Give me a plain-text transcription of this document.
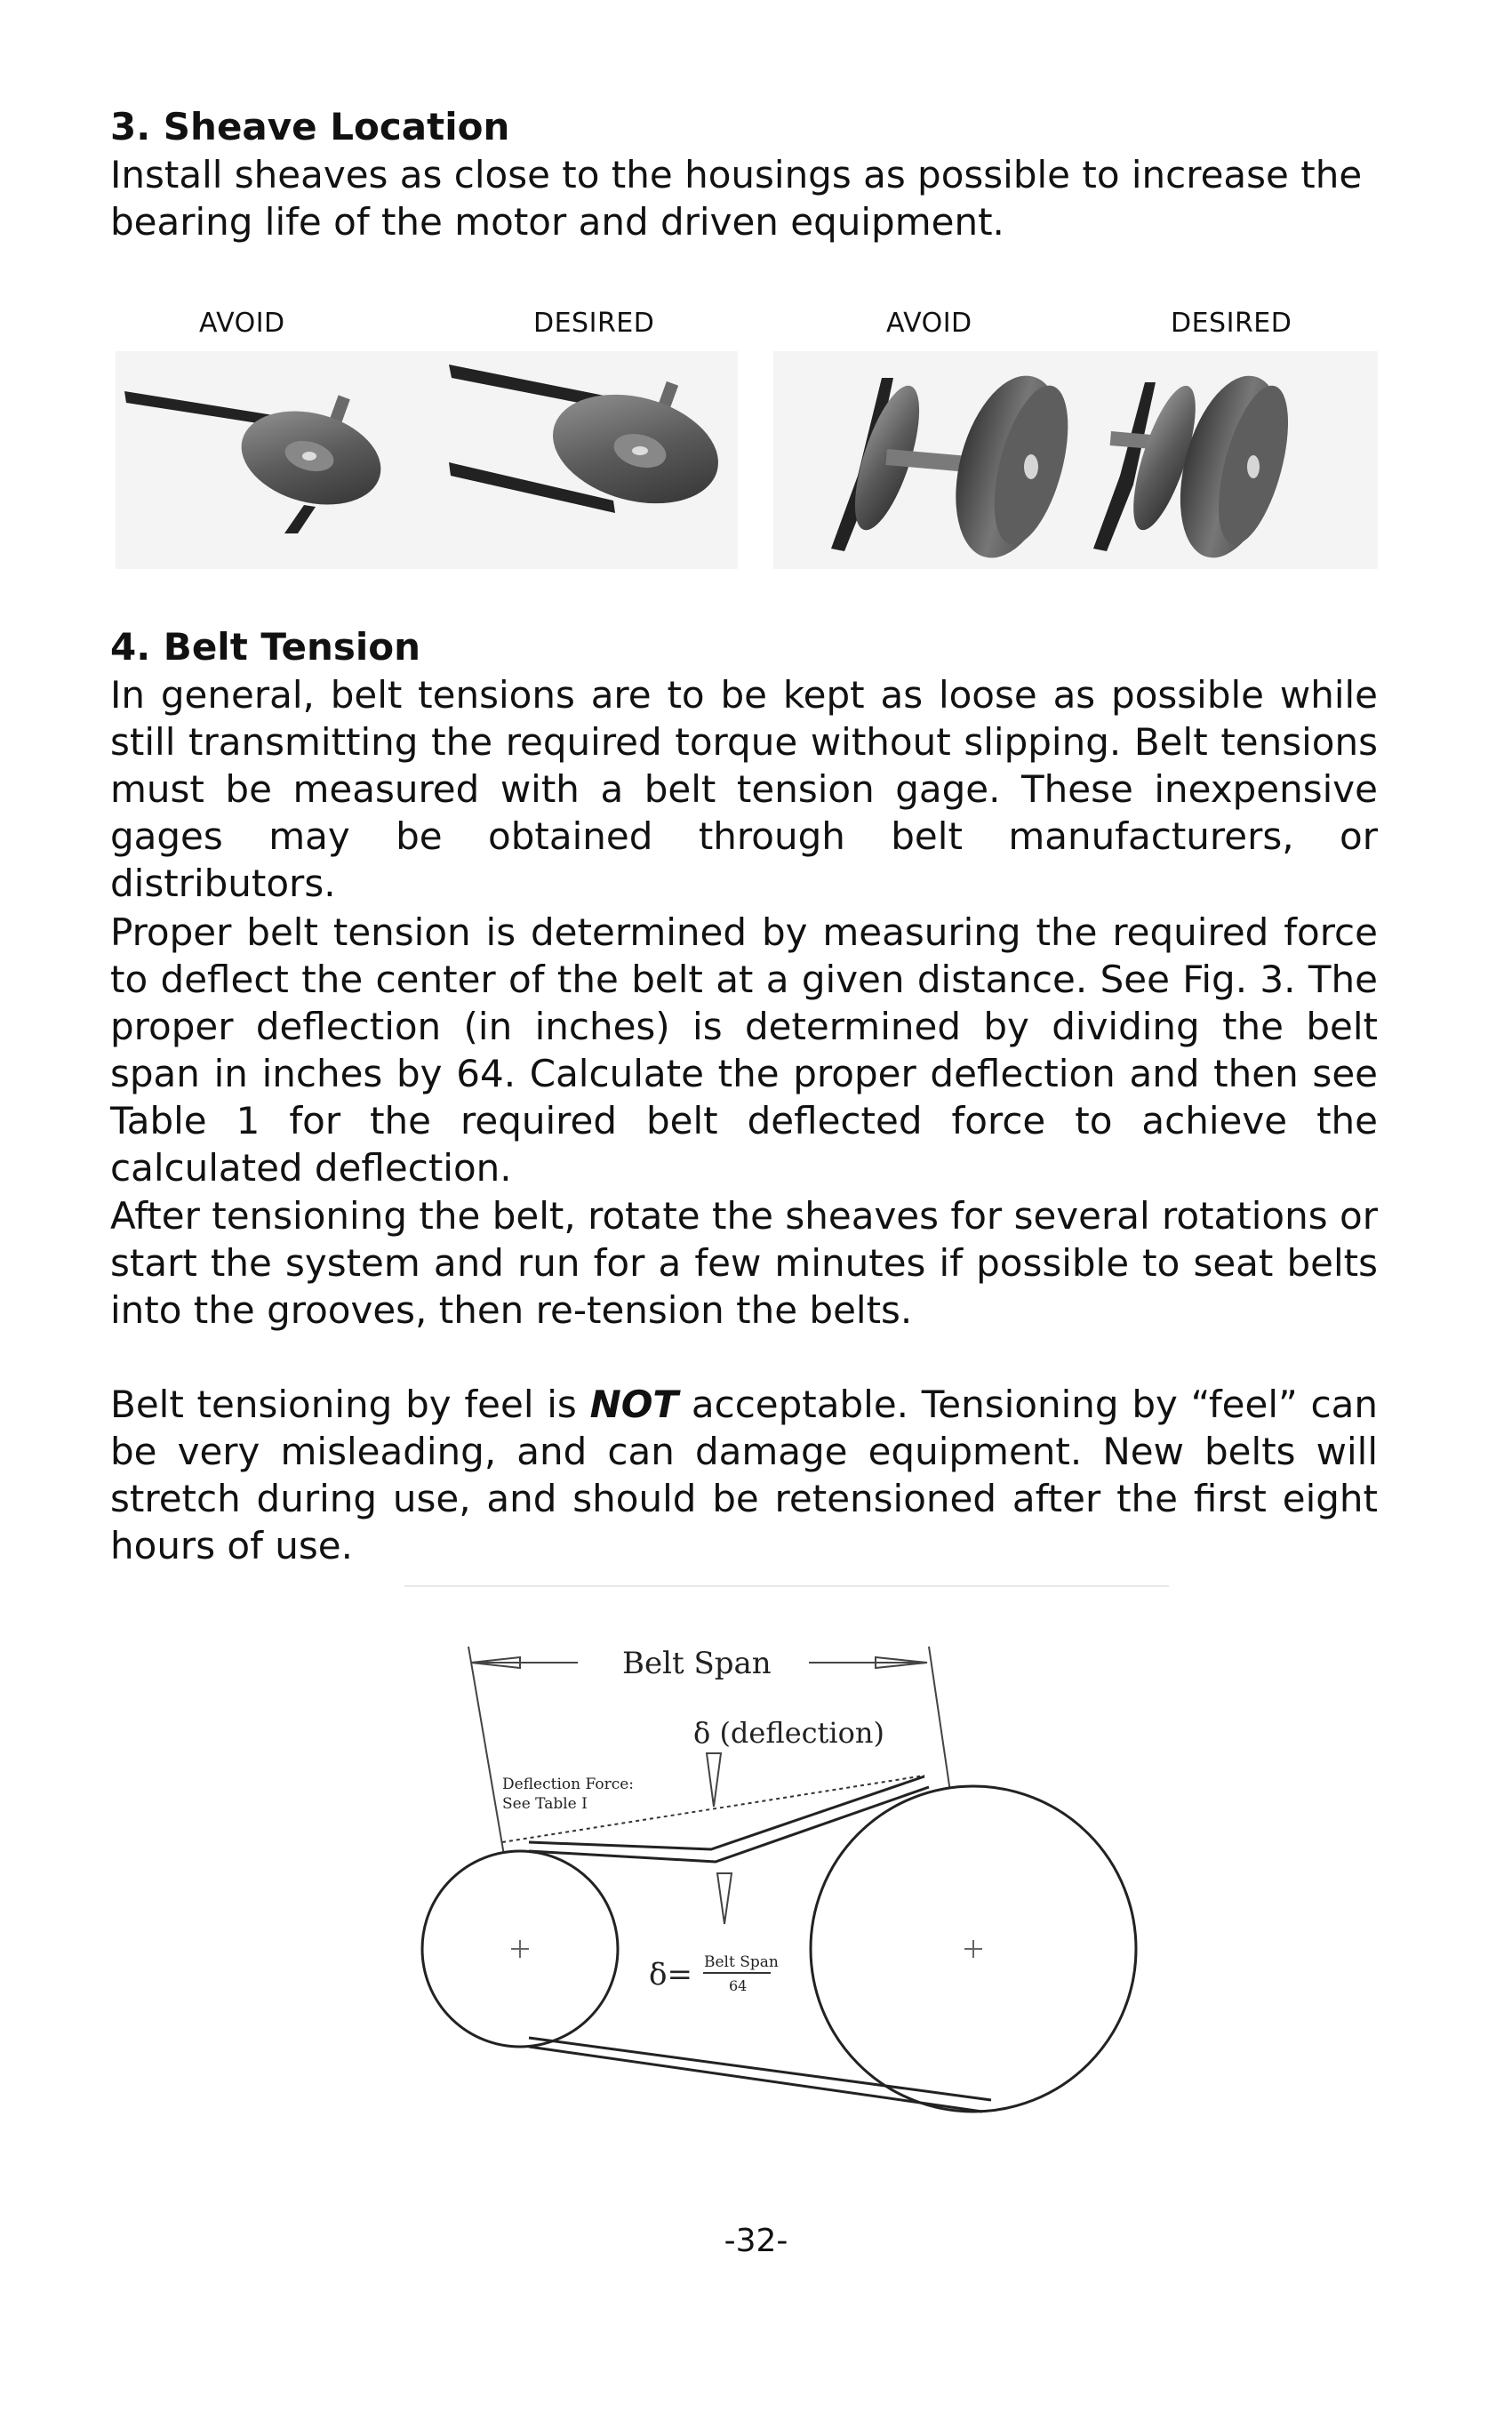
3. Sheave Location

Install sheaves as close to the housings as possible to increase the bearing life of the motor and driven equipment.

AVOID	DESIRED	AVOID	DESIRED
4. Belt Tension

In general, belt tensions are to be kept as loose as possible while still transmitting the required torque without slipping. Belt tensions must be measured with a belt tension gage. These inexpensive gages may be obtained through belt manufacturers, or distributors.

Proper belt tension is determined by measuring the required force to deflect the center of the belt at a given distance. See Fig. 3. The proper deflection (in inches) is determined by dividing the belt span in inches by 64. Calculate the proper deflection and then see Table 1 for the required belt deflected force to achieve the calculated deflection.

After tensioning the belt, rotate the sheaves for several rotations or start the system and run for a few minutes if possible to seat belts into the grooves, then re-tension the belts.

Belt tensioning by feel is NOT acceptable. Tensioning by “feel” can be very misleading, and can damage equipment. New belts will stretch during use, and should be retensioned after the first eight hours of use.

Belt Span
δ (deflection)
Deflection Force:
See Table I
δ= Belt Span
64
-32-
